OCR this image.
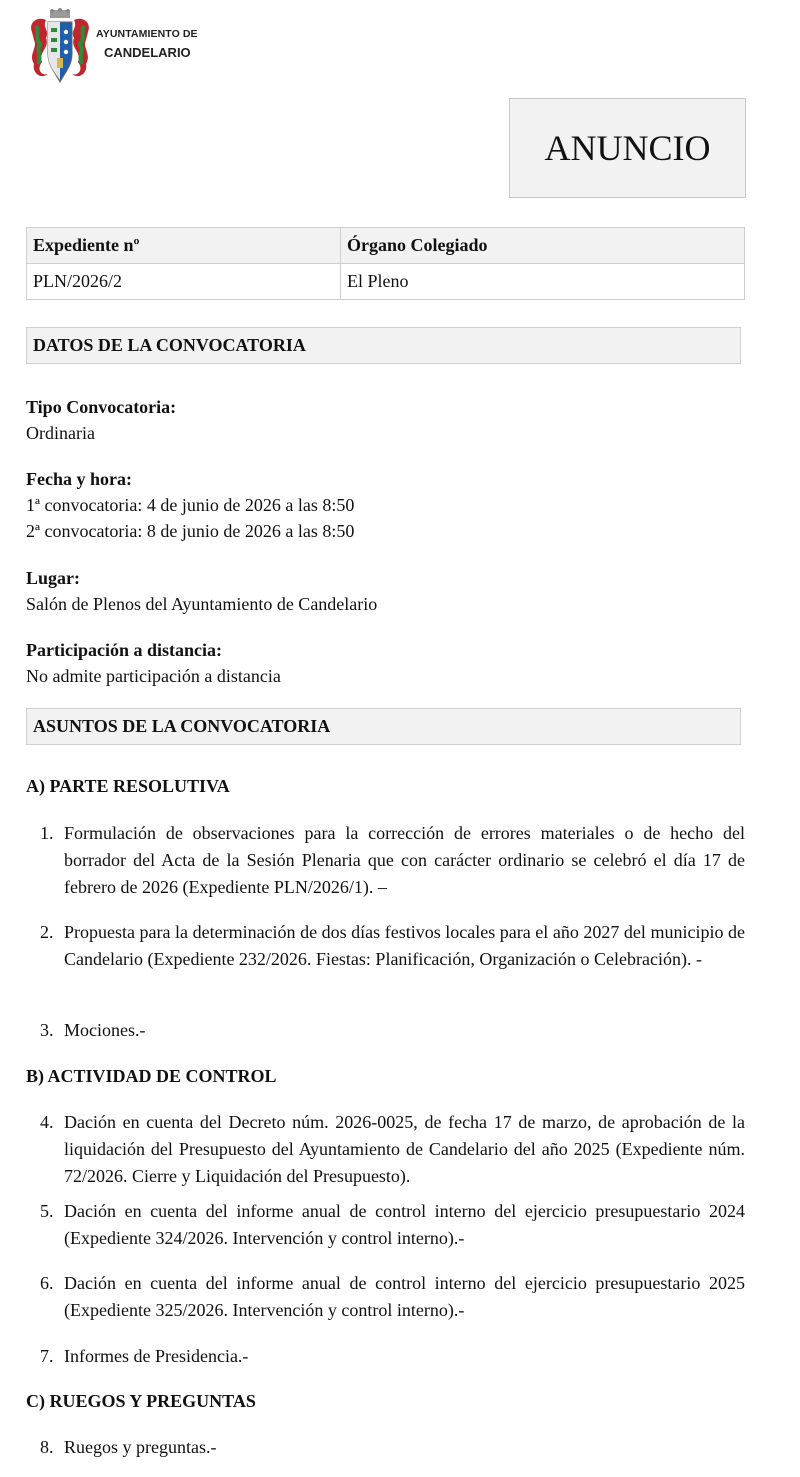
AYUNTAMIENTO DE
CANDELARIO
ANUNCIO
Expediente nº	Órgano Colegiado
PLN/2026/2	El Pleno
DATOS DE LA CONVOCATORIA
Tipo Convocatoria:
Ordinaria
Fecha y hora:
1ª convocatoria: 4 de junio de 2026 a las 8:50
2ª convocatoria: 8 de junio de 2026 a las 8:50
Lugar:
Salón de Plenos del Ayuntamiento de Candelario
Participación a distancia:
No admite participación a distancia
ASUNTOS DE LA CONVOCATORIA
A) PARTE RESOLUTIVA
1. Formulación de observaciones para la corrección de errores materiales o de hecho del borrador del Acta de la Sesión Plenaria que con carácter ordinario se celebró el día 17 de febrero de 2026 (Expediente PLN/2026/1). –
2. Propuesta para la determinación de dos días festivos locales para el año 2027 del municipio de Candelario (Expediente 232/2026. Fiestas: Planificación, Organización o Celebración). -
3. Mociones.-
B) ACTIVIDAD DE CONTROL
4. Dación en cuenta del Decreto núm. 2026-0025, de fecha 17 de marzo, de aprobación de la liquidación del Presupuesto del Ayuntamiento de Candelario del año 2025 (Expediente núm. 72/2026. Cierre y Liquidación del Presupuesto).
5. Dación en cuenta del informe anual de control interno del ejercicio presupuestario 2024 (Expediente 324/2026. Intervención y control interno).-
6. Dación en cuenta del informe anual de control interno del ejercicio presupuestario 2025 (Expediente 325/2026. Intervención y control interno).-
7. Informes de Presidencia.-
C) RUEGOS Y PREGUNTAS
8. Ruegos y preguntas.-
